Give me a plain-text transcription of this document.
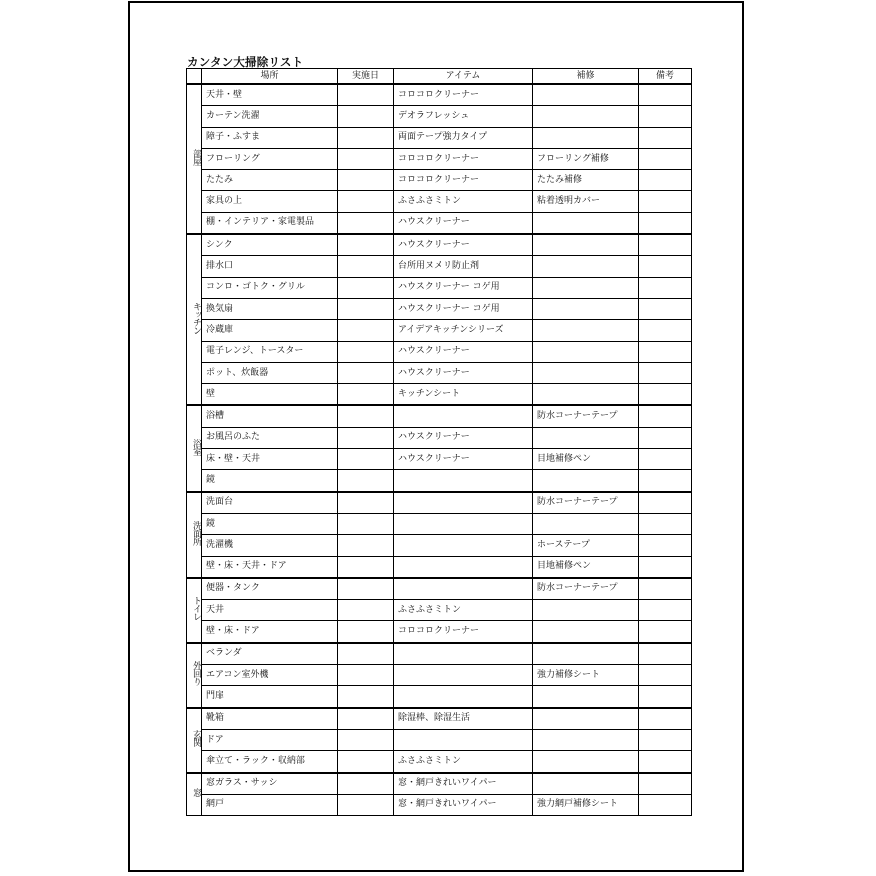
カンタン大掃除リスト
	場所	実施日	アイテム	補修	備考
部屋	天井・壁		コロコロクリーナー		
	カーテン洗濯		デオラフレッシュ		
	障子・ふすま		両面テープ強力タイプ		
	フローリング		コロコロクリーナー	フローリング補修	
	たたみ		コロコロクリーナー	たたみ補修	
	家具の上		ふさふさミトン	粘着透明カバー	
	棚・インテリア・家電製品		ハウスクリーナー		
キッチン	シンク		ハウスクリーナー		
	排水口		台所用ヌメリ防止剤		
	コンロ・ゴトク・グリル		ハウスクリーナー コゲ用		
	換気扇		ハウスクリーナー コゲ用		
	冷蔵庫		アイデアキッチンシリーズ		
	電子レンジ、トースター		ハウスクリーナー		
	ポット、炊飯器		ハウスクリーナー		
	壁		キッチンシート		
浴室	浴槽			防水コーナーテープ	
	お風呂のふた		ハウスクリーナー		
	床・壁・天井		ハウスクリーナー	目地補修ペン	
	鏡				
洗面所	洗面台			防水コーナーテープ	
	鏡				
	洗濯機			ホーステープ	
	壁・床・天井・ドア			目地補修ペン	
トイレ	便器・タンク			防水コーナーテープ	
	天井		ふさふさミトン		
	壁・床・ドア		コロコロクリーナー		
外回り	ベランダ				
	エアコン室外機			強力補修シート	
	門扉				
玄関	靴箱		除湿棒、除湿生活		
	ドア				
	傘立て・ラック・収納部		ふさふさミトン		
窓	窓ガラス・サッシ		窓・網戸きれいワイパー		
	網戸		窓・網戸きれいワイパー	強力網戸補修シート	
